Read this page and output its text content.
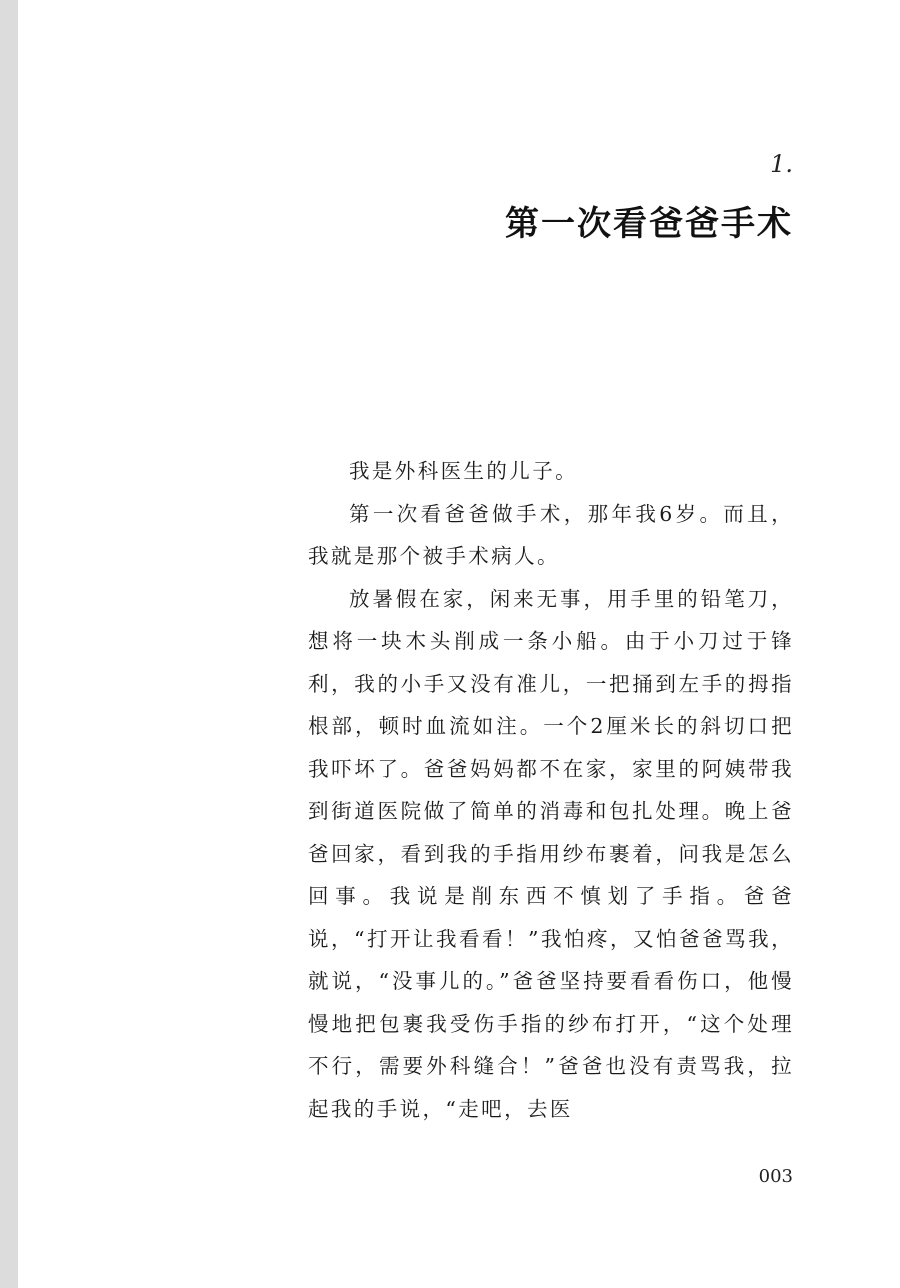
1.

第一次看爸爸手术

我是外科医生的儿子。

第一次看爸爸做手术，那年我6岁。而且，我就是那个被手术病人。

放暑假在家，闲来无事，用手里的铅笔刀，想将一块木头削成一条小船。由于小刀过于锋利，我的小手又没有准儿，一把捅到左手的拇指根部，顿时血流如注。一个2厘米长的斜切口把我吓坏了。爸爸妈妈都不在家，家里的阿姨带我到街道医院做了简单的消毒和包扎处理。晚上爸爸回家，看到我的手指用纱布裹着，问我是怎么回事。我说是削东西不慎划了手指。爸爸说，“打开让我看看！”我怕疼，又怕爸爸骂我，就说，“没事儿的。”爸爸坚持要看看伤口，他慢慢地把包裹我受伤手指的纱布打开，“这个处理不行，需要外科缝合！”爸爸也没有责骂我，拉起我的手说，“走吧，去医

003
